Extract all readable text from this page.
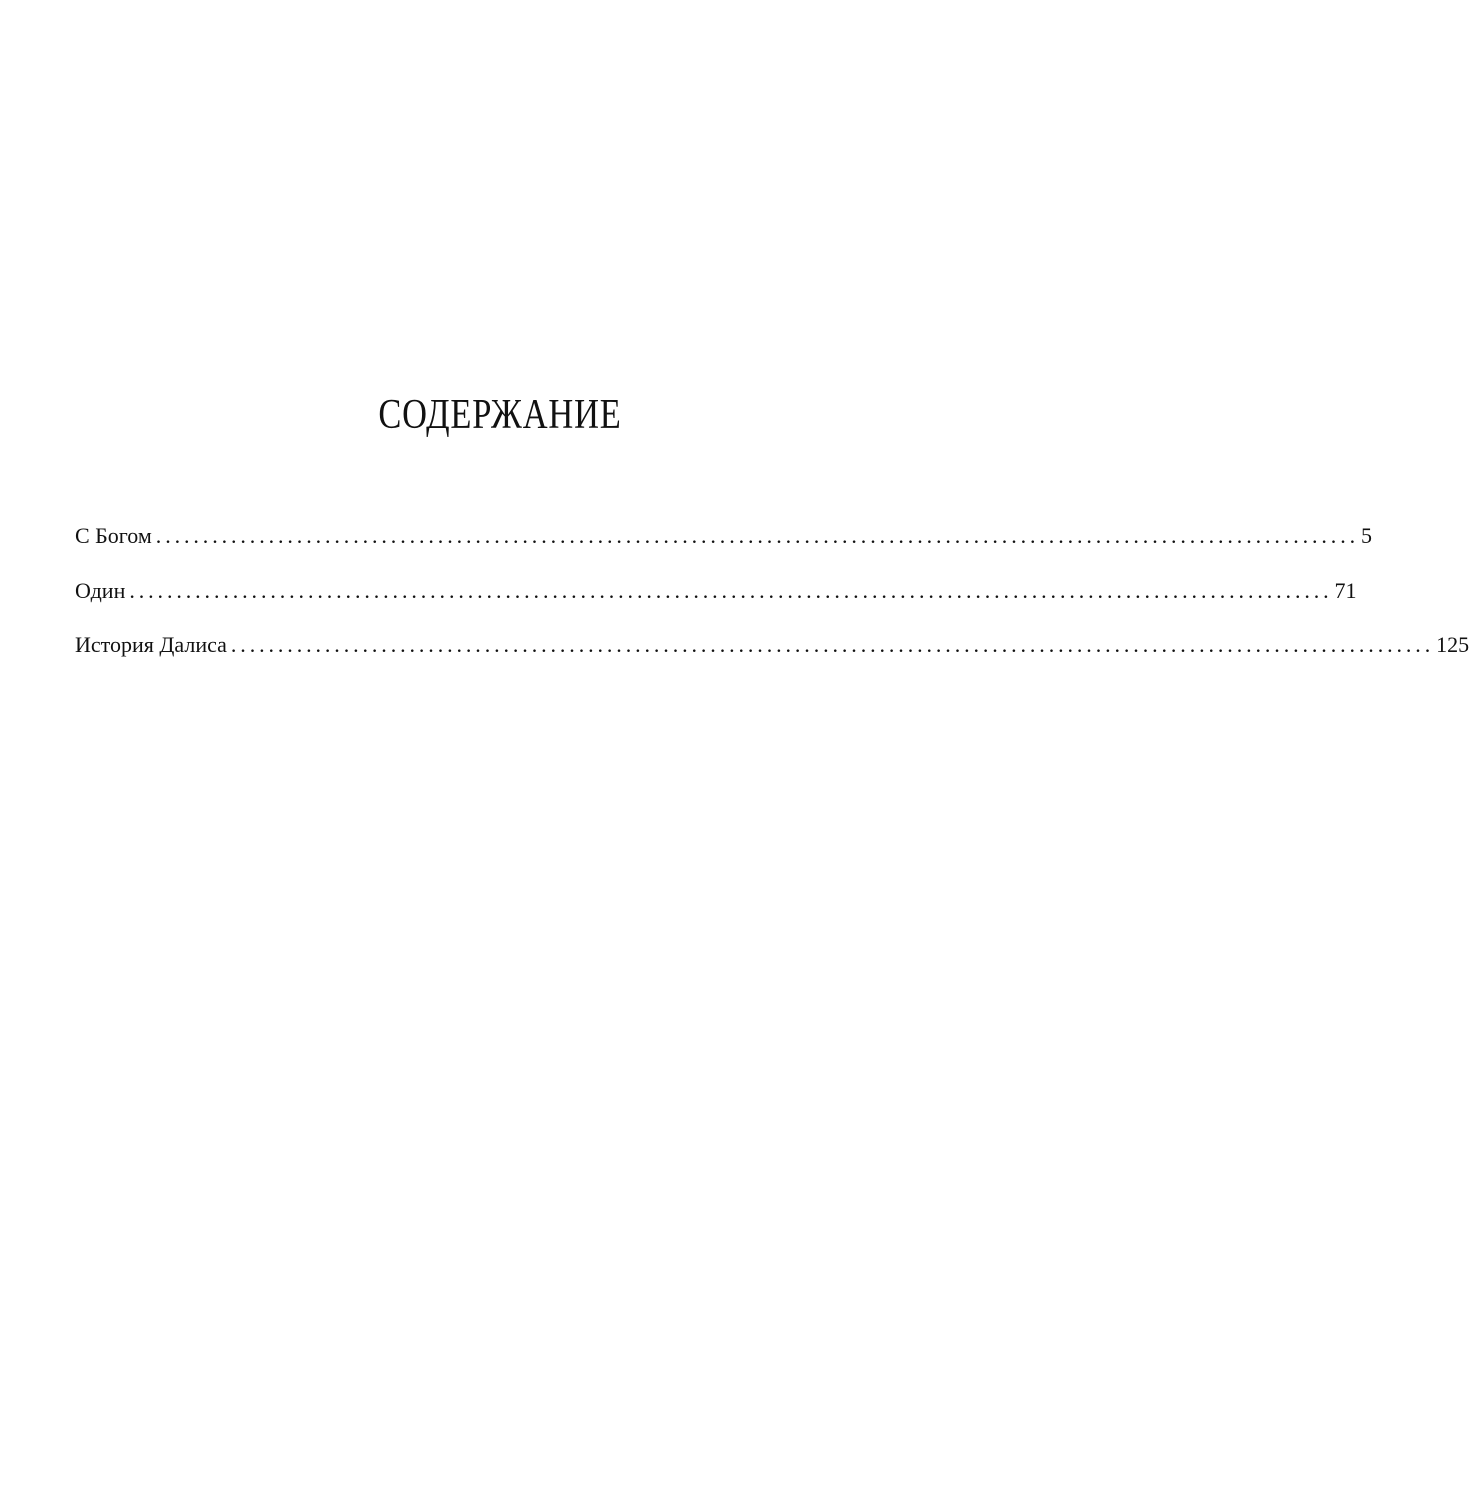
СОДЕРЖАНИЕ
С Богом ................................................................................................................................ 5
Один ................................................................................................................................ 71
История Далиса ................................................................................................................................ 125
